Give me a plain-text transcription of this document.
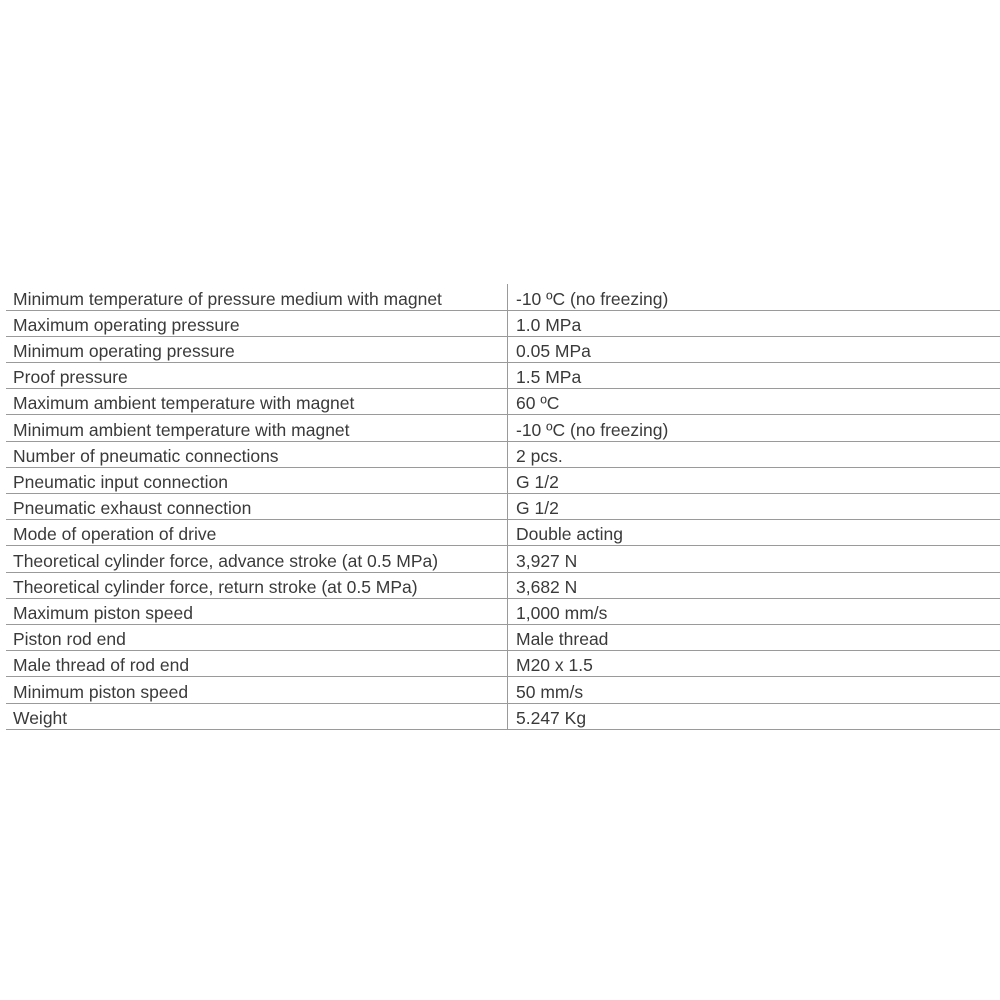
Minimum temperature of pressure medium with magnet	-10 ºC (no freezing)
Maximum operating pressure	1.0 MPa
Minimum operating pressure	0.05 MPa
Proof pressure	1.5 MPa
Maximum ambient temperature with magnet	60 ºC
Minimum ambient temperature with magnet	-10 ºC (no freezing)
Number of pneumatic connections	2 pcs.
Pneumatic input connection	G 1/2
Pneumatic exhaust connection	G 1/2
Mode of operation of drive	Double acting
Theoretical cylinder force, advance stroke (at 0.5 MPa)	3,927 N
Theoretical cylinder force, return stroke (at 0.5 MPa)	3,682 N
Maximum piston speed	1,000 mm/s
Piston rod end	Male thread
Male thread of rod end	M20 x 1.5
Minimum piston speed	50 mm/s
Weight	5.247 Kg
